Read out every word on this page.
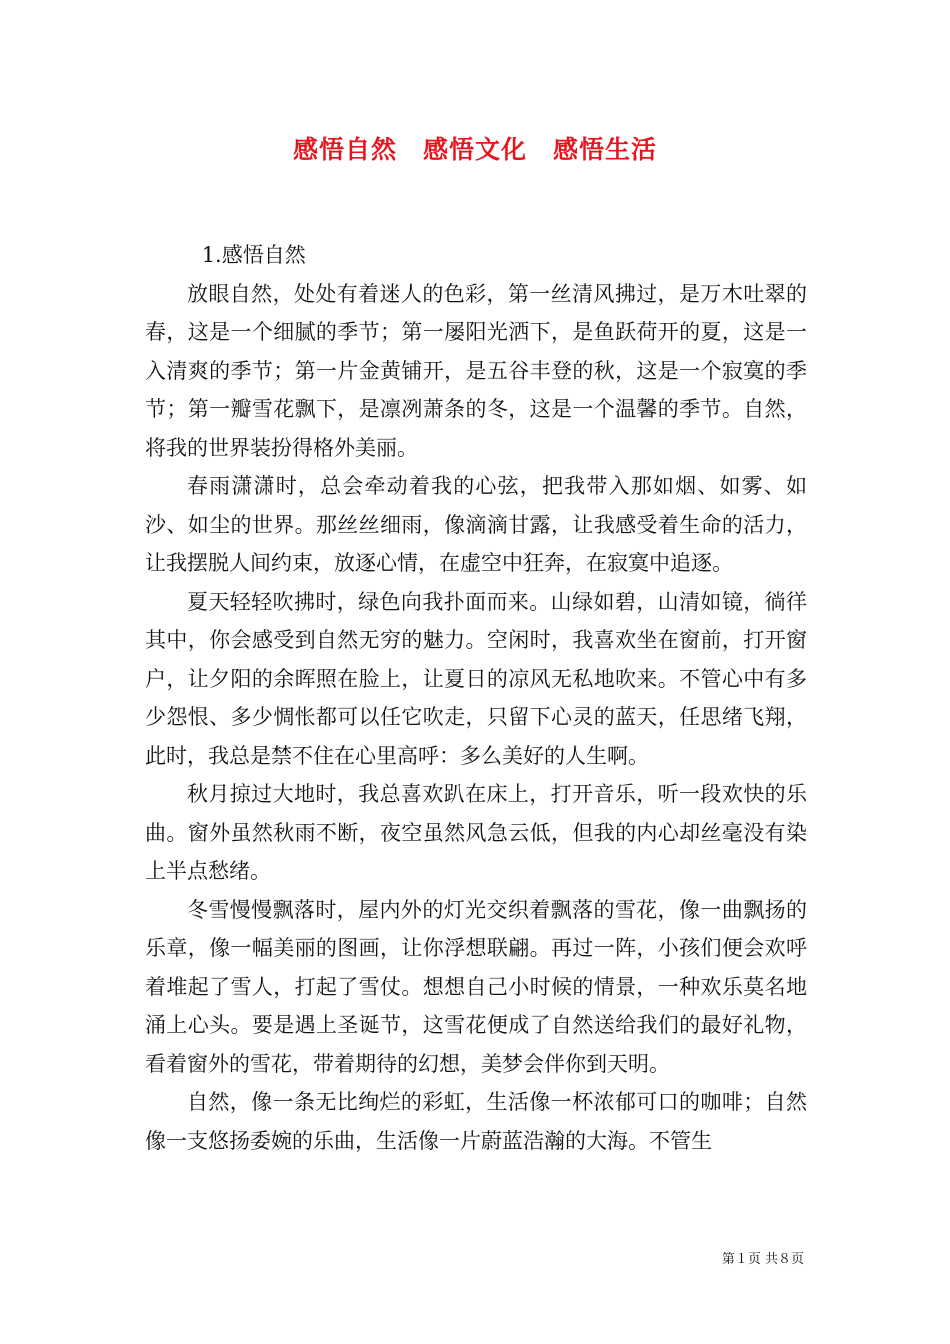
感悟自然　感悟文化　感悟生活

1.感悟自然

放眼自然，处处有着迷人的色彩，第一丝清风拂过，是万木吐翠的春，这是一个细腻的季节；第一屡阳光洒下，是鱼跃荷开的夏，这是一入清爽的季节；第一片金黄铺开，是五谷丰登的秋，这是一个寂寞的季节；第一瓣雪花飘下，是凛冽萧条的冬，这是一个温馨的季节。自然，将我的世界装扮得格外美丽。

春雨潇潇时，总会牵动着我的心弦，把我带入那如烟、如雾、如沙、如尘的世界。那丝丝细雨，像滴滴甘露，让我感受着生命的活力，让我摆脱人间约束，放逐心情，在虚空中狂奔，在寂寞中追逐。

夏天轻轻吹拂时，绿色向我扑面而来。山绿如碧，山清如镜，徜徉其中，你会感受到自然无穷的魅力。空闲时，我喜欢坐在窗前，打开窗户，让夕阳的余晖照在脸上，让夏日的凉风无私地吹来。不管心中有多少怨恨、多少惆怅都可以任它吹走，只留下心灵的蓝天，任思绪飞翔，此时，我总是禁不住在心里高呼：多么美好的人生啊。

秋月掠过大地时，我总喜欢趴在床上，打开音乐，听一段欢快的乐曲。窗外虽然秋雨不断，夜空虽然风急云低，但我的内心却丝毫没有染上半点愁绪。

冬雪慢慢飘落时，屋内外的灯光交织着飘落的雪花，像一曲飘扬的乐章，像一幅美丽的图画，让你浮想联翩。再过一阵，小孩们便会欢呼着堆起了雪人，打起了雪仗。想想自己小时候的情景，一种欢乐莫名地涌上心头。要是遇上圣诞节，这雪花便成了自然送给我们的最好礼物，看着窗外的雪花，带着期待的幻想，美梦会伴你到天明。

自然，像一条无比绚烂的彩虹，生活像一杯浓郁可口的咖啡；自然像一支悠扬委婉的乐曲，生活像一片蔚蓝浩瀚的大海。不管生

第１页 共８页
